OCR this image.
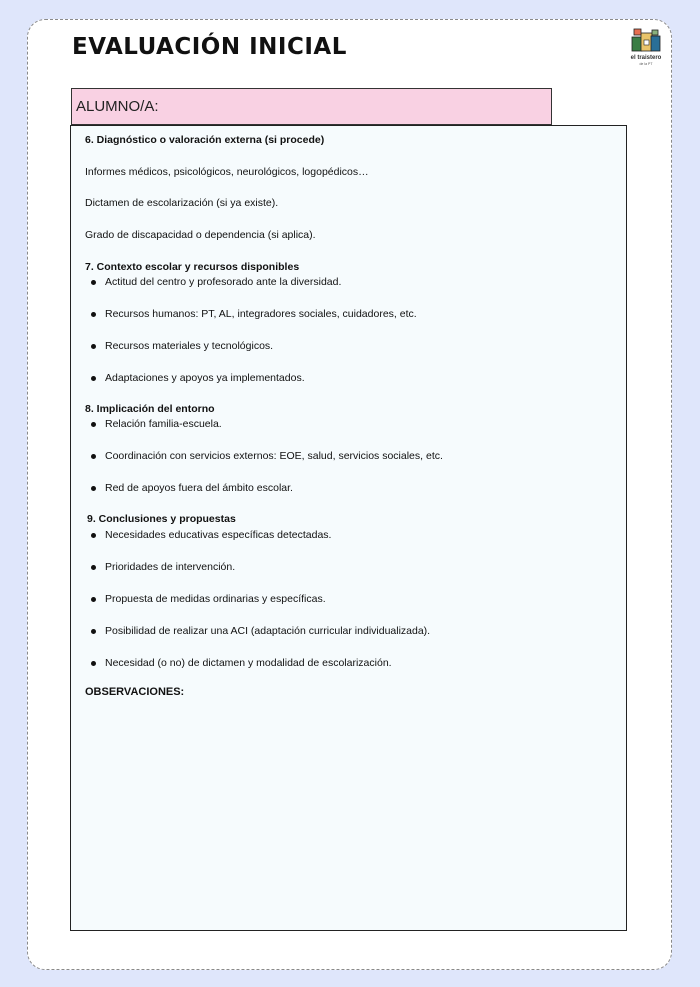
EVALUACIÓN INICIAL	el traistero
de la PT
ALUMNO/A:
6. Diagnóstico o valoración externa (si procede)
Informes médicos, psicológicos, neurológicos, logopédicos…
Dictamen de escolarización (si ya existe).
Grado de discapacidad o dependencia (si aplica).
7. Contexto escolar y recursos disponibles
Actitud del centro y profesorado ante la diversidad.
Recursos humanos: PT, AL, integradores sociales, cuidadores, etc.
Recursos materiales y tecnológicos.
Adaptaciones y apoyos ya implementados.
8. Implicación del entorno
Relación familia-escuela.
Coordinación con servicios externos: EOE, salud, servicios sociales, etc.
Red de apoyos fuera del ámbito escolar.
9. Conclusiones y propuestas
Necesidades educativas específicas detectadas.
Prioridades de intervención.
Propuesta de medidas ordinarias y específicas.
Posibilidad de realizar una ACI (adaptación curricular individualizada).
Necesidad (o no) de dictamen y modalidad de escolarización.
OBSERVACIONES:
